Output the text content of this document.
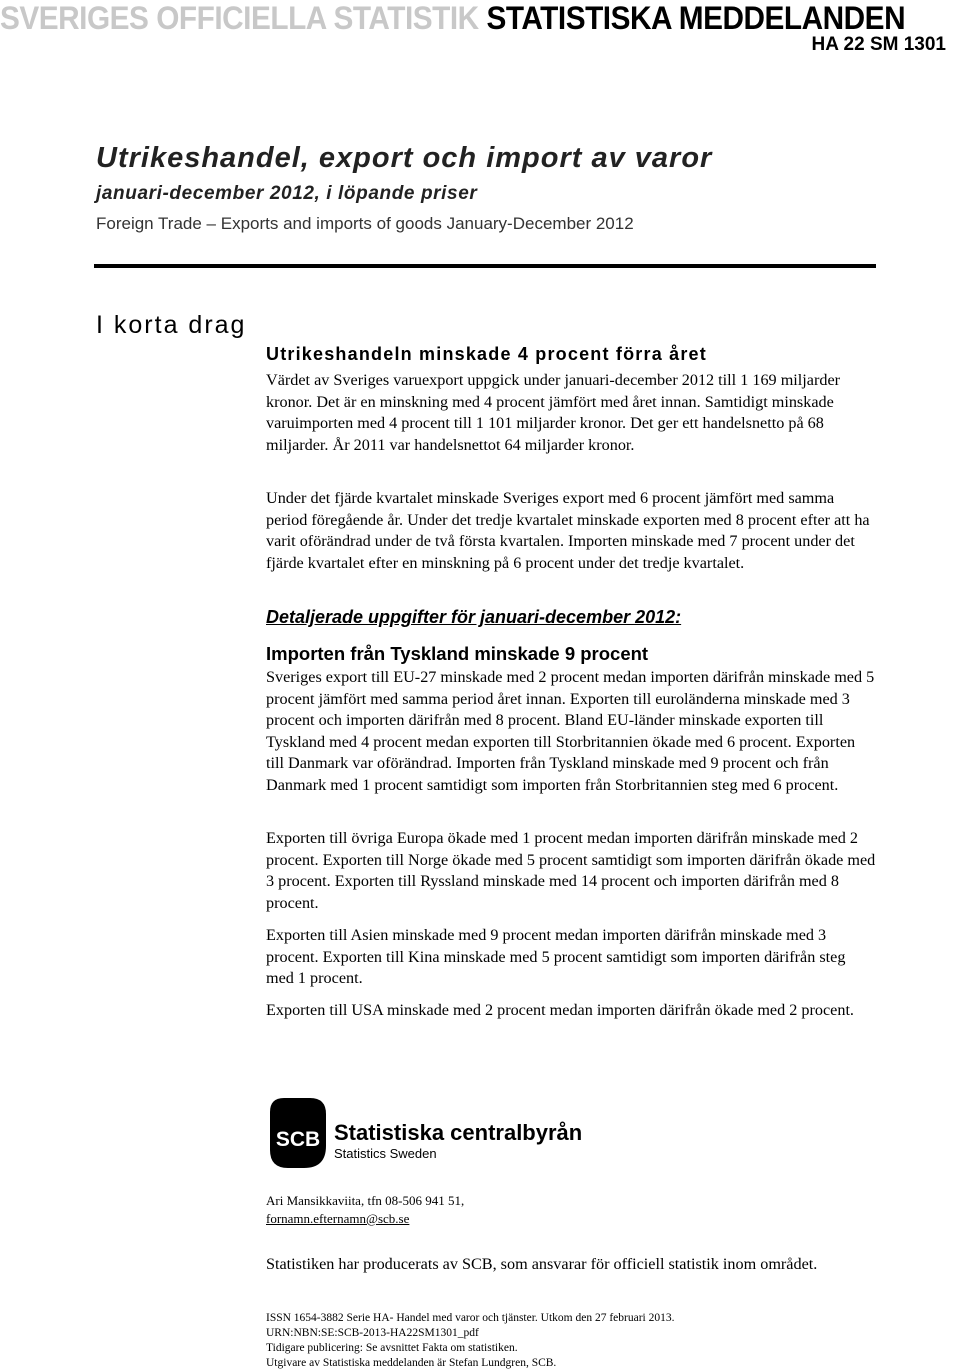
SVERIGES OFFICIELLA STATISTIK STATISTISKA MEDDELANDEN
HA 22 SM 1301
Utrikeshandel, export och import av varor
januari-december 2012, i löpande priser
Foreign Trade – Exports and imports of goods January-December 2012
I korta drag
Utrikeshandeln minskade 4 procent förra året

Värdet av Sveriges varuexport uppgick under januari-december 2012 till 1 169 miljarder kronor. Det är en minskning med 4 procent jämfört med året innan. Samtidigt minskade varuimporten med 4 procent till 1 101 miljarder kronor. Det ger ett handelsnetto på 68 miljarder. År 2011 var handelsnettot 64 miljarder kronor.

Under det fjärde kvartalet minskade Sveriges export med 6 procent jämfört med samma period föregående år. Under det tredje kvartalet minskade exporten med 8 procent efter att ha varit oförändrad under de två första kvartalen. Importen minskade med 7 procent under det fjärde kvartalet efter en minskning på 6 procent under det tredje kvartalet.

Detaljerade uppgifter för januari-december 2012:
Importen från Tyskland minskade 9 procent

Sveriges export till EU-27 minskade med 2 procent medan importen därifrån minskade med 5 procent jämfört med samma period året innan. Exporten till euroländerna minskade med 3 procent och importen därifrån med 8 procent. Bland EU-länder minskade exporten till Tyskland med 4 procent medan exporten till Storbritannien ökade med 6 procent. Exporten till Danmark var oförändrad. Importen från Tyskland minskade med 9 procent och från Danmark med 1 procent samtidigt som importen från Storbritannien steg med 6 procent.

Exporten till övriga Europa ökade med 1 procent medan importen därifrån minskade med 2 procent. Exporten till Norge ökade med 5 procent samtidigt som importen därifrån ökade med 3 procent. Exporten till Ryssland minskade med 14 procent och importen därifrån med 8 procent.

Exporten till Asien minskade med 9 procent medan importen därifrån minskade med 3 procent. Exporten till Kina minskade med 5 procent samtidigt som importen därifrån steg med 1 procent.

Exporten till USA minskade med 2 procent medan importen därifrån ökade med 2 procent.

SCB Statistiska centralbyrån
Statistics Sweden
Ari Mansikkaviita, tfn 08-506 941 51,
fornamn.efternamn@scb.se
Statistiken har producerats av SCB, som ansvarar för officiell statistik inom området.
ISSN 1654-3882 Serie HA- Handel med varor och tjänster. Utkom den 27 februari 2013.
URN:NBN:SE:SCB-2013-HA22SM1301_pdf
Tidigare publicering: Se avsnittet Fakta om statistiken.
Utgivare av Statistiska meddelanden är Stefan Lundgren, SCB.
